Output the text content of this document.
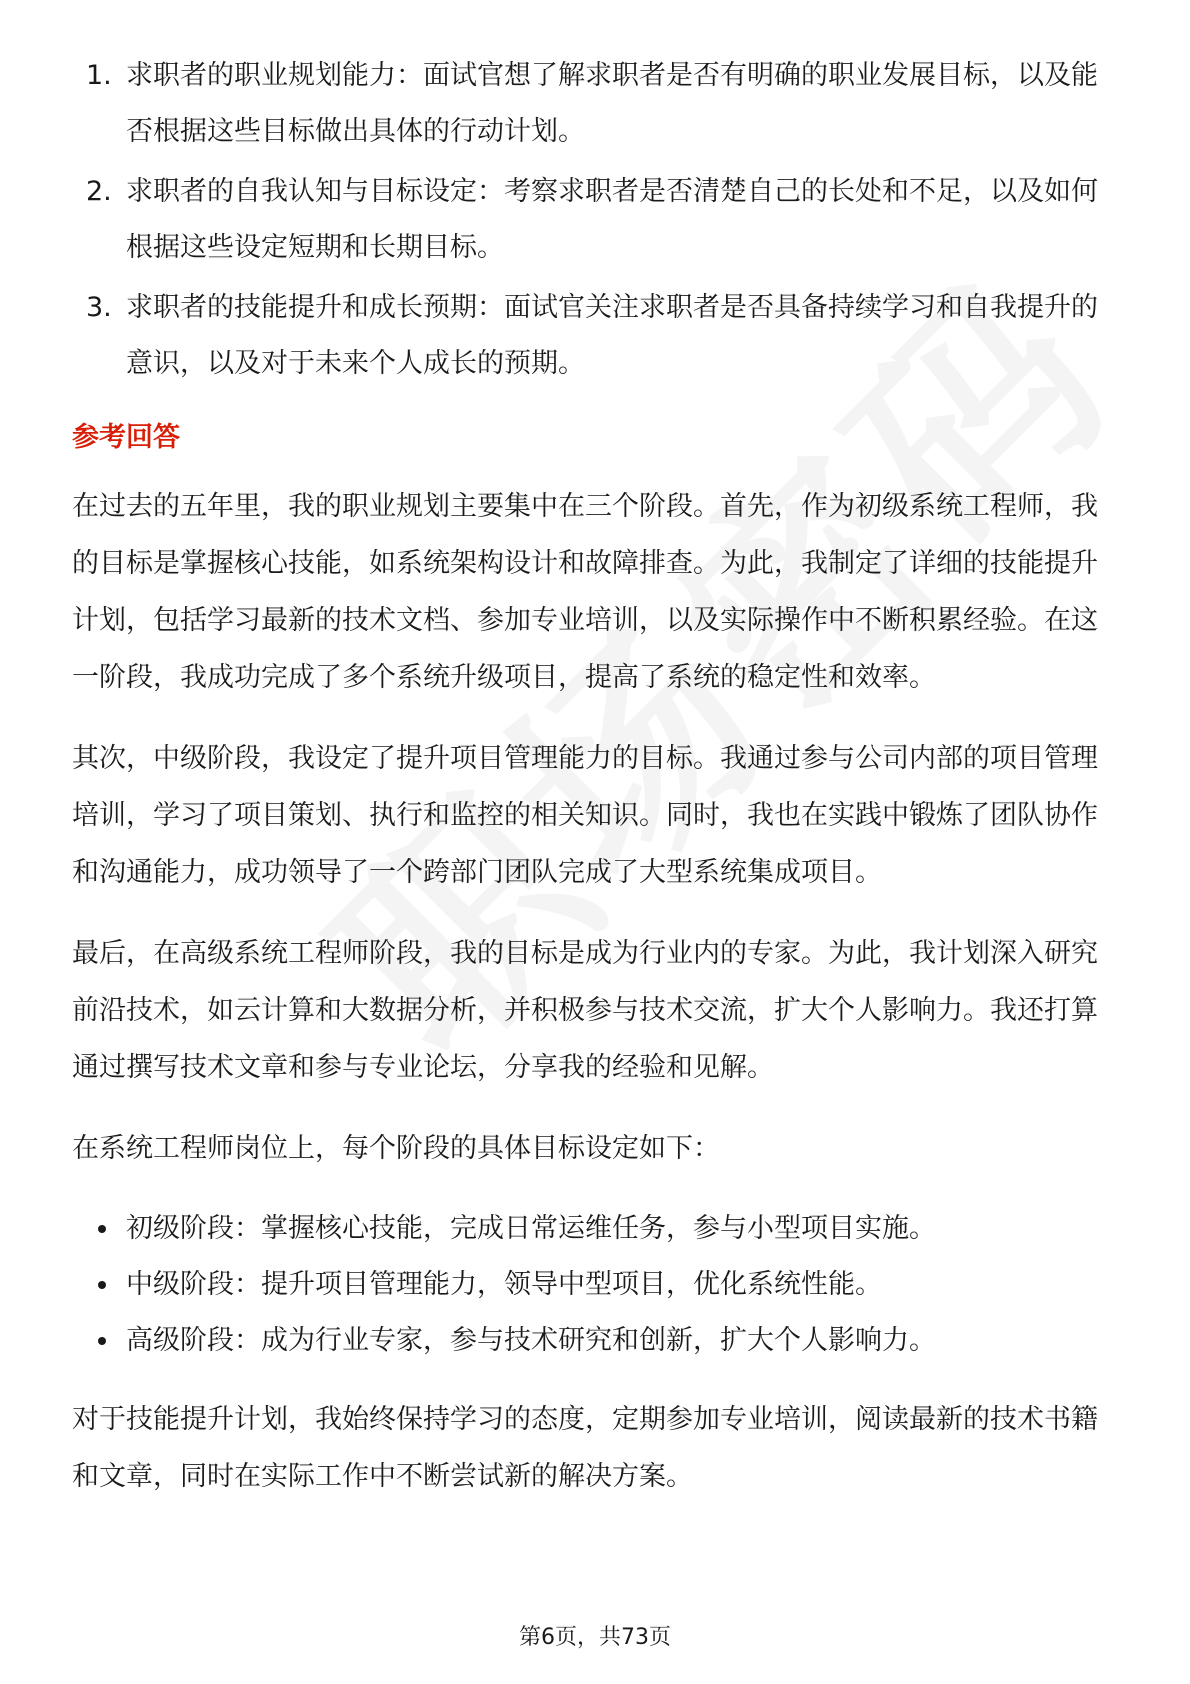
1. 求职者的职业规划能力：面试官想了解求职者是否有明确的职业发展目标，以及能否根据这些目标做出具体的行动计划。
2. 求职者的自我认知与目标设定：考察求职者是否清楚自己的长处和不足，以及如何根据这些设定短期和长期目标。
3. 求职者的技能提升和成长预期：面试官关注求职者是否具备持续学习和自我提升的意识，以及对于未来个人成长的预期。
参考回答

在过去的五年里，我的职业规划主要集中在三个阶段。首先，作为初级系统工程师，我的目标是掌握核心技能，如系统架构设计和故障排查。为此，我制定了详细的技能提升计划，包括学习最新的技术文档、参加专业培训，以及实际操作中不断积累经验。在这一阶段，我成功完成了多个系统升级项目，提高了系统的稳定性和效率。

其次，中级阶段，我设定了提升项目管理能力的目标。我通过参与公司内部的项目管理培训，学习了项目策划、执行和监控的相关知识。同时，我也在实践中锻炼了团队协作和沟通能力，成功领导了一个跨部门团队完成了大型系统集成项目。

最后，在高级系统工程师阶段，我的目标是成为行业内的专家。为此，我计划深入研究前沿技术，如云计算和大数据分析，并积极参与技术交流，扩大个人影响力。我还打算通过撰写技术文章和参与专业论坛，分享我的经验和见解。

在系统工程师岗位上，每个阶段的具体目标设定如下：

初级阶段：掌握核心技能，完成日常运维任务，参与小型项目实施。
中级阶段：提升项目管理能力，领导中型项目，优化系统性能。
高级阶段：成为行业专家，参与技术研究和创新，扩大个人影响力。

对于技能提升计划，我始终保持学习的态度，定期参加专业培训，阅读最新的技术书籍和文章，同时在实际工作中不断尝试新的解决方案。

第6页，共73页
